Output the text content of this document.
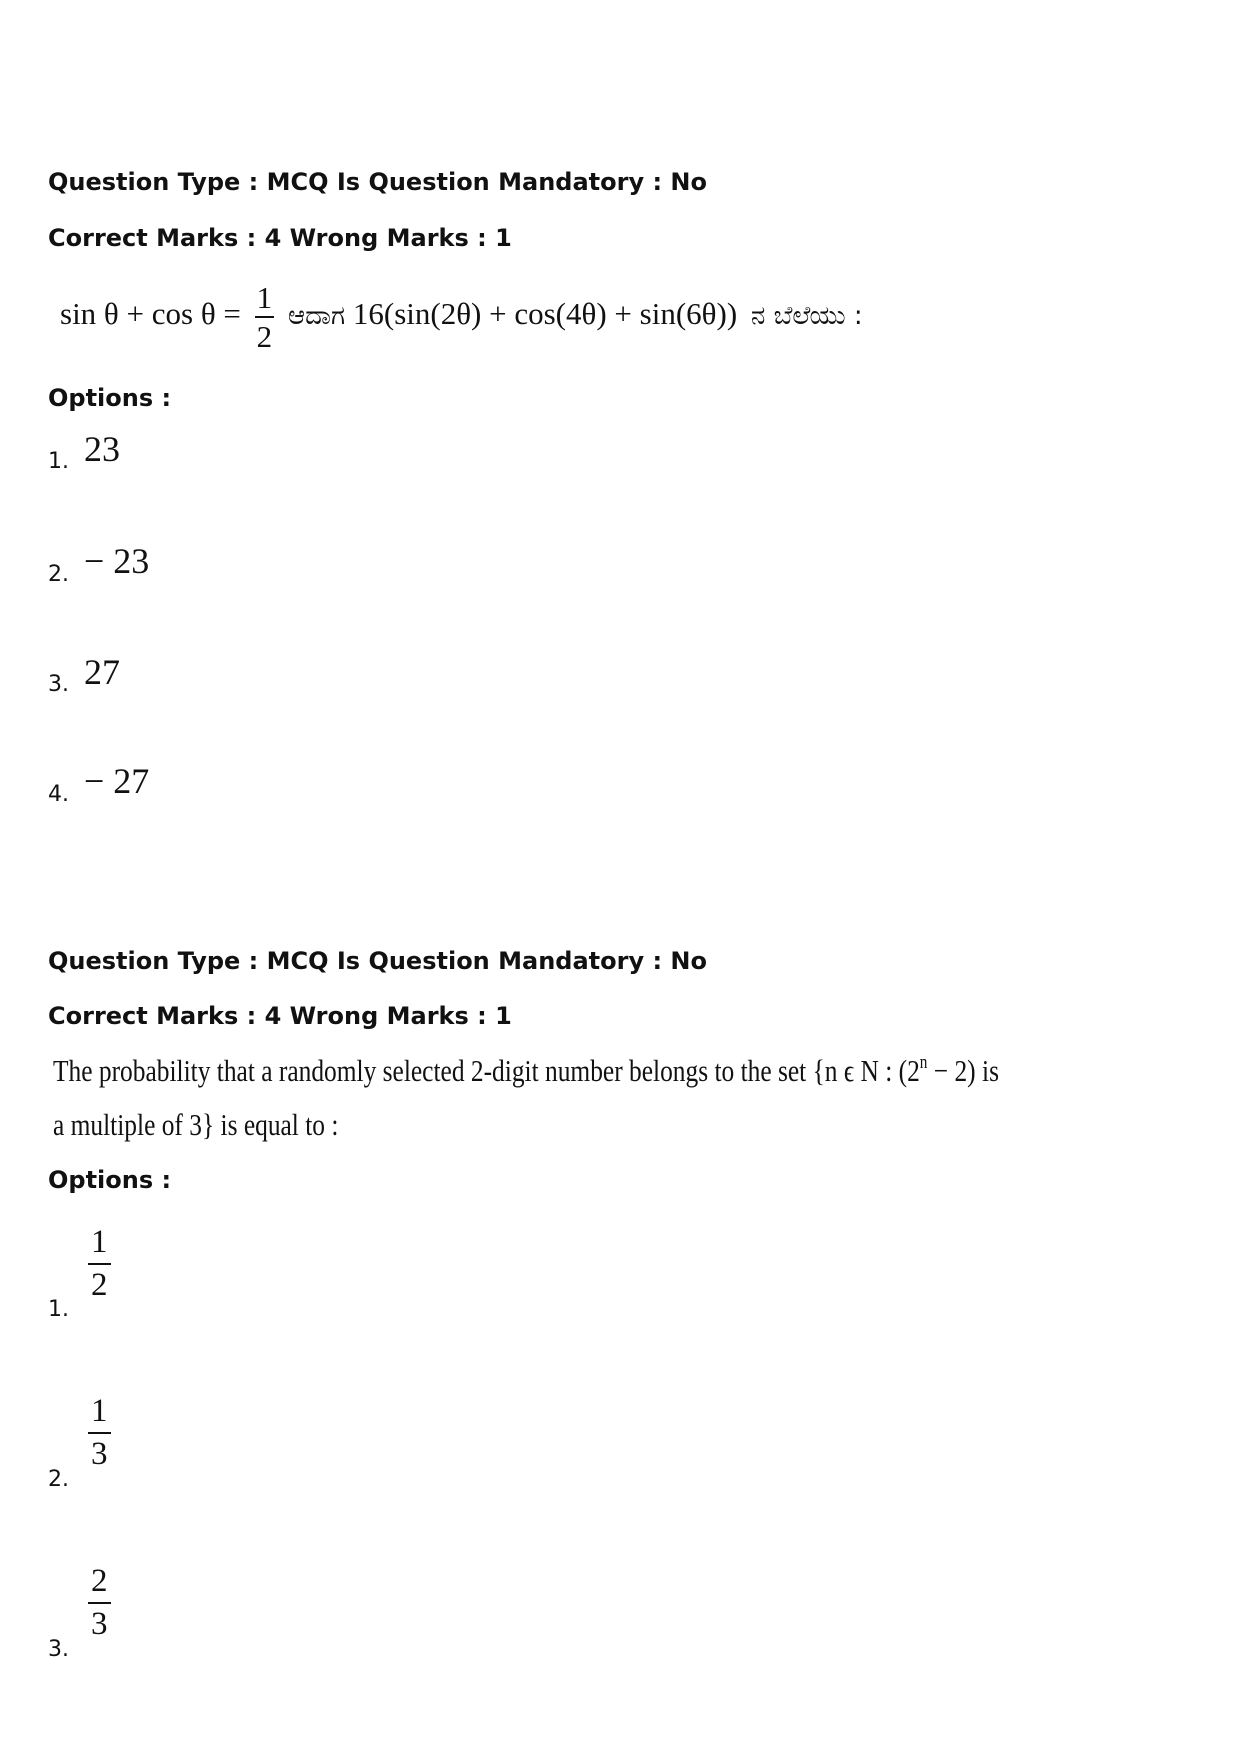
Question Type : MCQ Is Question Mandatory : No
Correct Marks : 4 Wrong Marks : 1
$\sin \theta + \cos \theta = \frac{1}{2}$ ಆದಾಗ 16(sin(2θ) + cos(4θ) + sin(6θ)) ನ ಬೆಲೆಯು :
Options :
1. 23
2. − 23
3. 27
4. − 27
Question Type : MCQ Is Question Mandatory : No
Correct Marks : 4 Wrong Marks : 1
The probability that a randomly selected 2-digit number belongs to the set {n ϵ N : $(2^n - 2)$ is
a multiple of 3} is equal to :
Options :
1.
$\frac{1}{2}$
2.
$\frac{1}{3}$
3.
$\frac{2}{3}$
